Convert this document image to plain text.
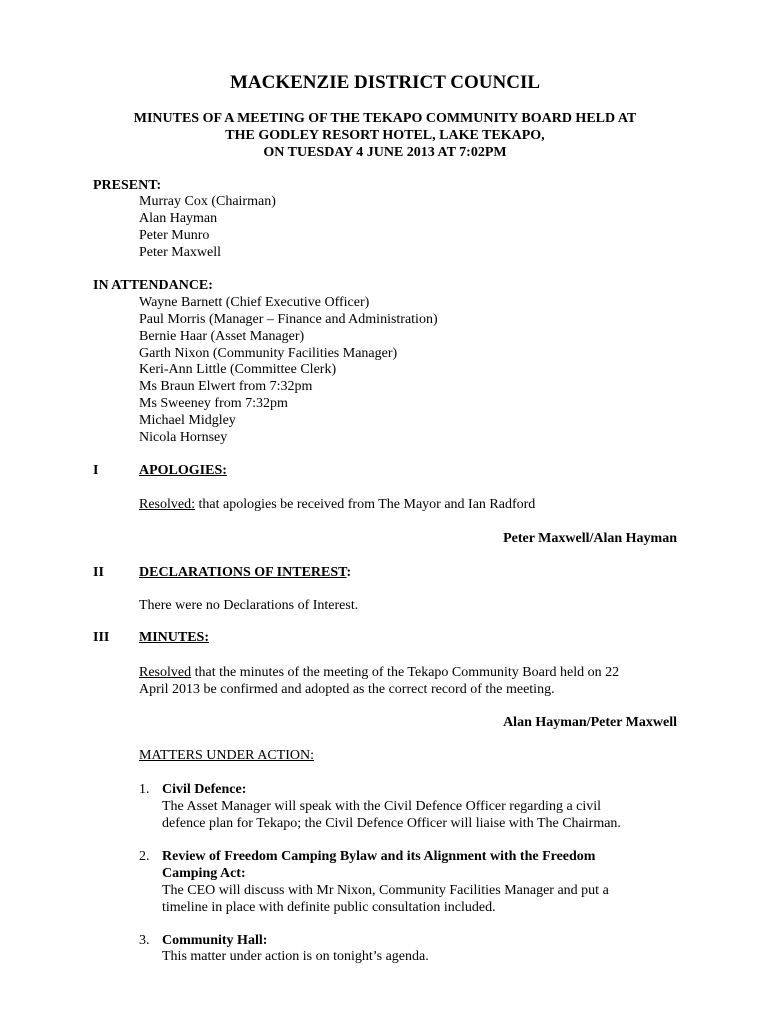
MACKENZIE DISTRICT COUNCIL
MINUTES OF A MEETING OF THE TEKAPO COMMUNITY BOARD HELD AT
THE GODLEY RESORT HOTEL, LAKE TEKAPO,
ON TUESDAY 4 JUNE 2013 AT 7:02PM
PRESENT:
Murray Cox (Chairman)
Alan Hayman
Peter Munro
Peter Maxwell
IN ATTENDANCE:
Wayne Barnett (Chief Executive Officer)
Paul Morris (Manager – Finance and Administration)
Bernie Haar (Asset Manager)
Garth Nixon (Community Facilities Manager)
Keri-Ann Little (Committee Clerk)
Ms Braun Elwert from 7:32pm
Ms Sweeney from 7:32pm
Michael Midgley
Nicola Hornsey
I	APOLOGIES:
Resolved: that apologies be received from The Mayor and Ian Radford
Peter Maxwell/Alan Hayman
II	DECLARATIONS OF INTEREST:
There were no Declarations of Interest.
III MINUTES:
Resolved that the minutes of the meeting of the Tekapo Community Board held on 22
April 2013 be confirmed and adopted as the correct record of the meeting.
Alan Hayman/Peter Maxwell
MATTERS UNDER ACTION:
1. Civil Defence:
The Asset Manager will speak with the Civil Defence Officer regarding a civil
defence plan for Tekapo; the Civil Defence Officer will liaise with The Chairman.
2. Review of Freedom Camping Bylaw and its Alignment with the Freedom
Camping Act:
The CEO will discuss with Mr Nixon, Community Facilities Manager and put a
timeline in place with definite public consultation included.
3. Community Hall:
This matter under action is on tonight’s agenda.
